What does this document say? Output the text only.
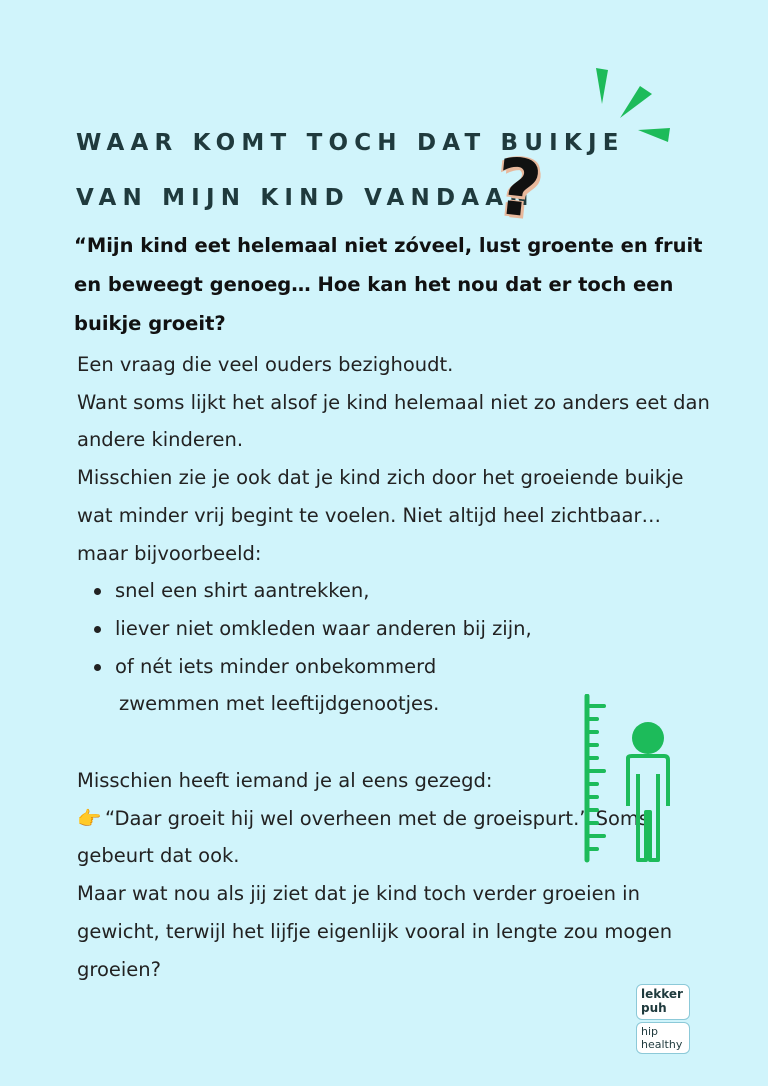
WAAR KOMT TOCH DAT BUIKJE
VAN MIJN KIND VANDAAN
?

“Mijn kind eet helemaal niet zóveel, lust groente en fruit en beweegt genoeg… Hoe kan het nou dat er toch een buikje groeit?

Een vraag die veel ouders bezighoudt.

Want soms lijkt het alsof je kind helemaal niet zo anders eet dan andere kinderen.

Misschien zie je ook dat je kind zich door het groeiende buikje wat minder vrij begint te voelen. Niet altijd heel zichtbaar… maar bijvoorbeeld:

snel een shirt aantrekken,
liever niet omkleden waar anderen bij zijn,
of nét iets minder onbekommerd
zwemmen met leeftijdgenootjes.

Misschien heeft iemand je al eens gezegd:

👉 “Daar groeit hij wel overheen met de groeispurt.” Soms gebeurt dat ook.

Maar wat nou als jij ziet dat je kind toch verder groeien in gewicht, terwijl het lijfje eigenlijk vooral in lengte zou mogen groeien?

lekker
puh
hip
healthy
